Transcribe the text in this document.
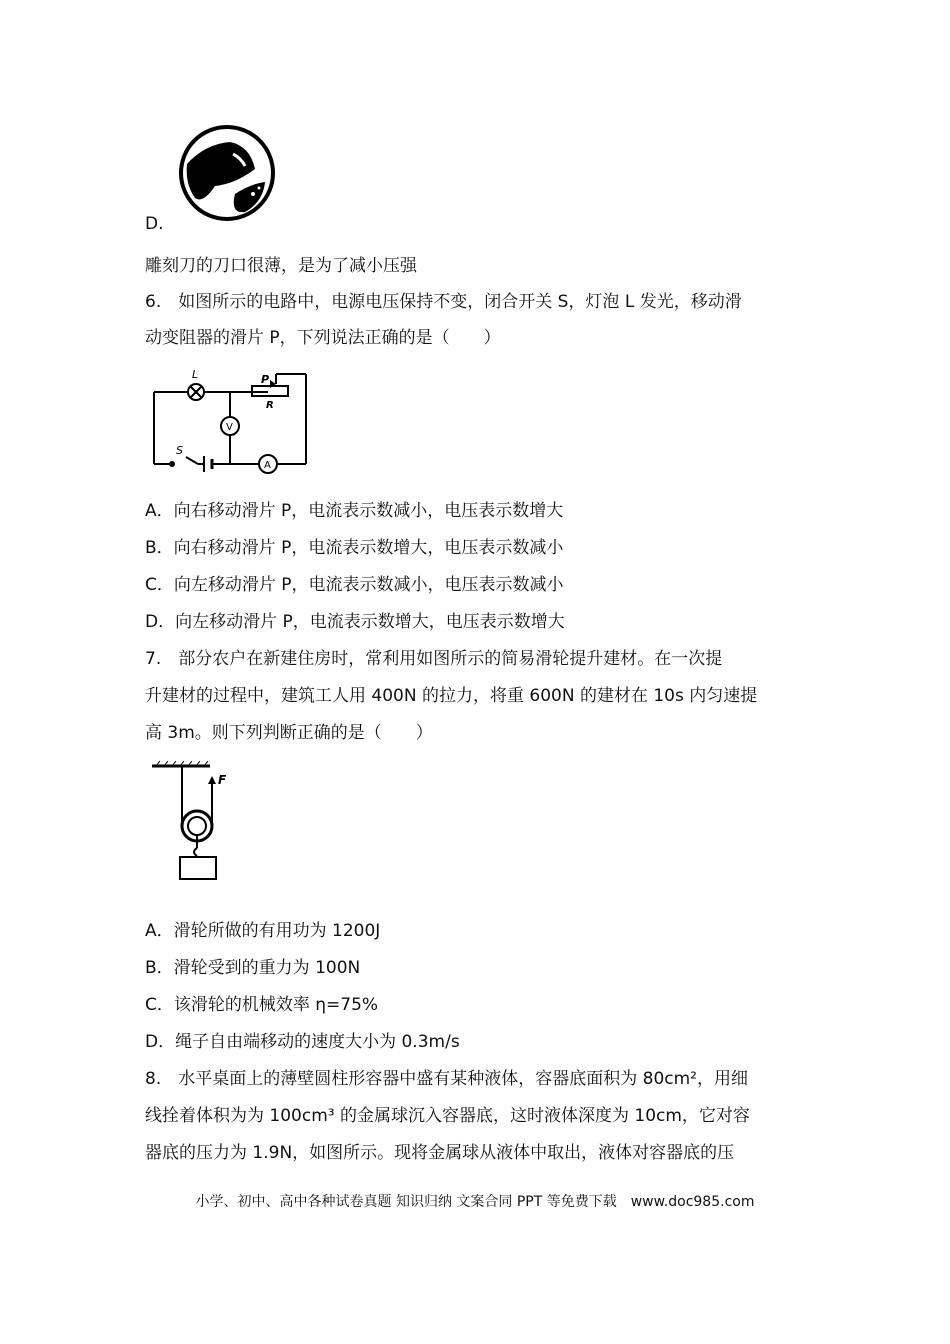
D.
雕刻刀的刀口很薄，是为了减小压强
6.　如图所示的电路中，电源电压保持不变，闭合开关 S，灯泡 L 发光，移动滑
动变阻器的滑片 P，下列说法正确的是（　　）
L	P
R
V
A
S
A．向右移动滑片 P，电流表示数减小，电压表示数增大
B．向右移动滑片 P，电流表示数增大，电压表示数减小
C．向左移动滑片 P，电流表示数减小，电压表示数减小
D．向左移动滑片 P，电流表示数增大，电压表示数增大
7.　部分农户在新建住房时，常利用如图所示的简易滑轮提升建材。在一次提
升建材的过程中，建筑工人用 400N 的拉力，将重 600N 的建材在 10s 内匀速提
高 3m。则下列判断正确的是（　　）
F
A．滑轮所做的有用功为 1200J
B．滑轮受到的重力为 100N
C．该滑轮的机械效率 η=75%
D．绳子自由端移动的速度大小为 0.3m/s
8.　水平桌面上的薄壁圆柱形容器中盛有某种液体，容器底面积为 80cm²，用细
线拴着体积为为 100cm³ 的金属球沉入容器底，这时液体深度为 10cm，它对容
器底的压力为 1.9N，如图所示。现将金属球从液体中取出，液体对容器底的压
小学、初中、高中各种试卷真题 知识归纳 文案合同 PPT 等免费下载　www.doc985.com
